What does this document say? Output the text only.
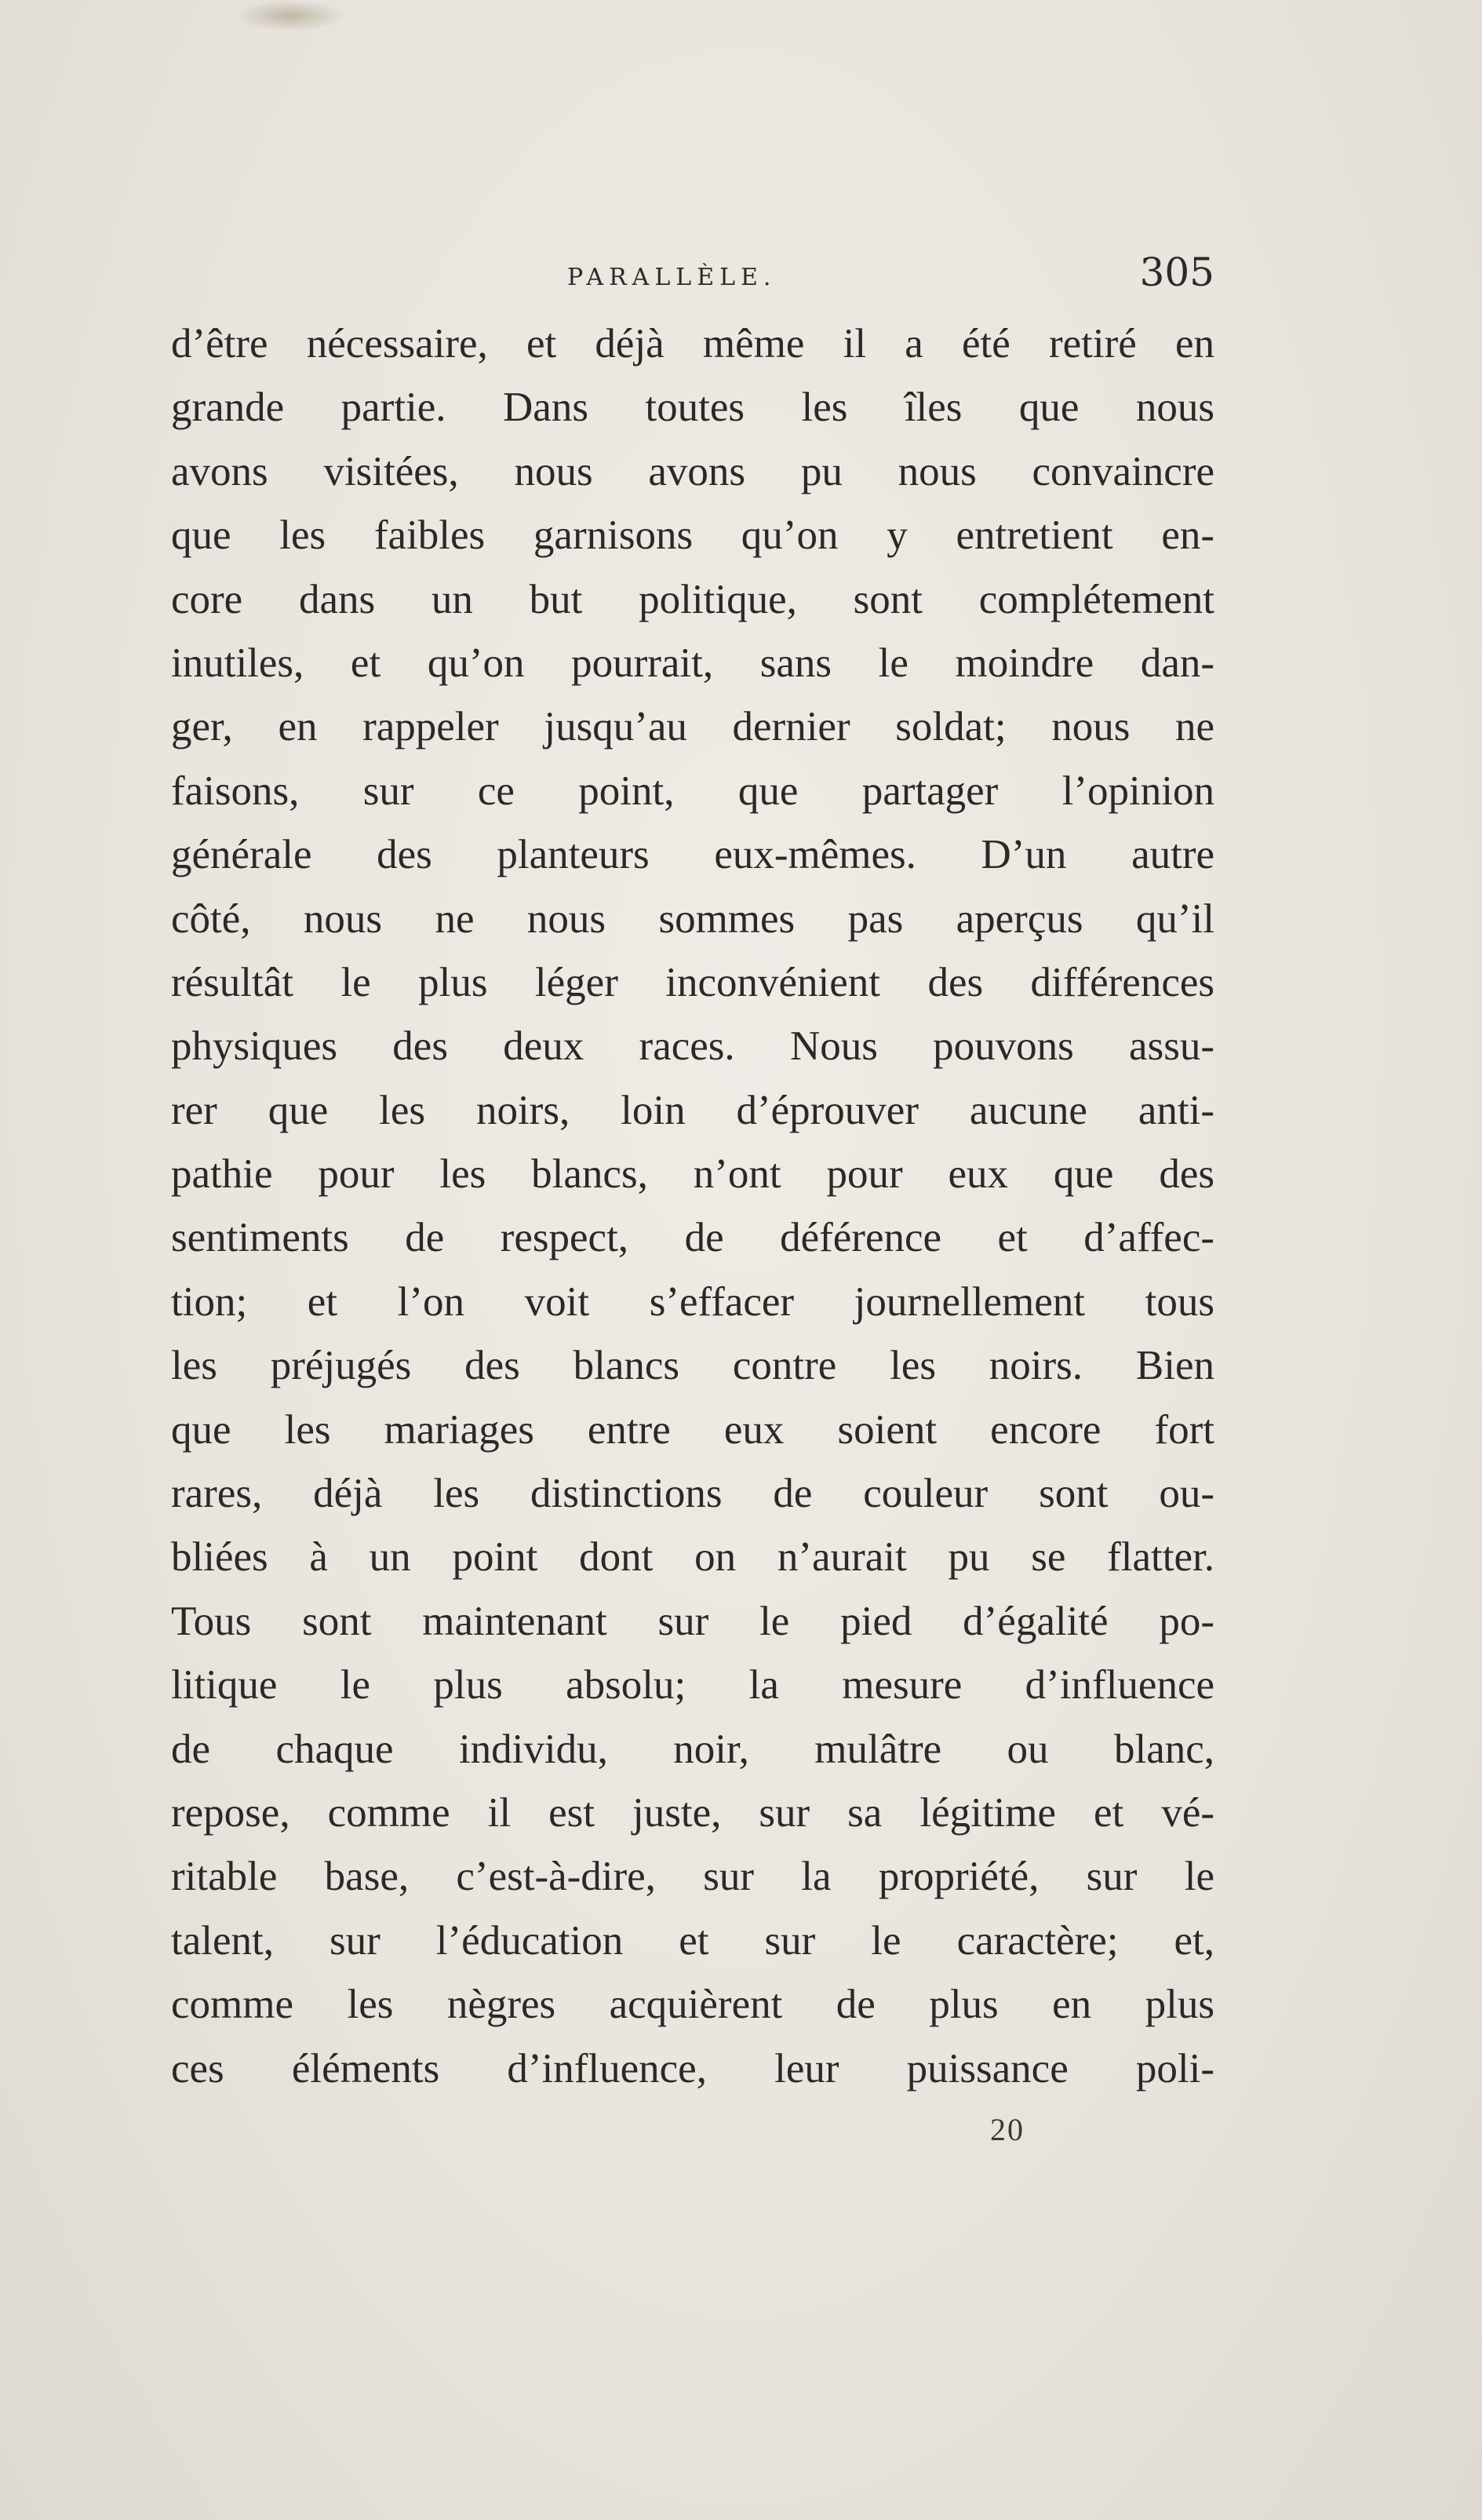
PARALLÈLE.	305
d’être nécessaire, et déjà même il a été retiré en
grande partie. Dans toutes les îles que nous
avons visitées, nous avons pu nous convaincre
que les faibles garnisons qu’on y entretient en-
core dans un but politique, sont complétement
inutiles, et qu’on pourrait, sans le moindre dan-
ger, en rappeler jusqu’au dernier soldat; nous ne
faisons, sur ce point, que partager l’opinion
générale des planteurs eux-mêmes. D’un autre
côté, nous ne nous sommes pas aperçus qu’il
résultât le plus léger inconvénient des différences
physiques des deux races. Nous pouvons assu-
rer que les noirs, loin d’éprouver aucune anti-
pathie pour les blancs, n’ont pour eux que des
sentiments de respect, de déférence et d’affec-
tion; et l’on voit s’effacer journellement tous
les préjugés des blancs contre les noirs. Bien
que les mariages entre eux soient encore fort
rares, déjà les distinctions de couleur sont ou-
bliées à un point dont on n’aurait pu se flatter.
Tous sont maintenant sur le pied d’égalité po-
litique le plus absolu; la mesure d’influence
de chaque individu, noir, mulâtre ou blanc,
repose, comme il est juste, sur sa légitime et vé-
ritable base, c’est-à-dire, sur la propriété, sur le
talent, sur l’éducation et sur le caractère; et,
comme les nègres acquièrent de plus en plus
ces éléments d’influence, leur puissance poli-
20
